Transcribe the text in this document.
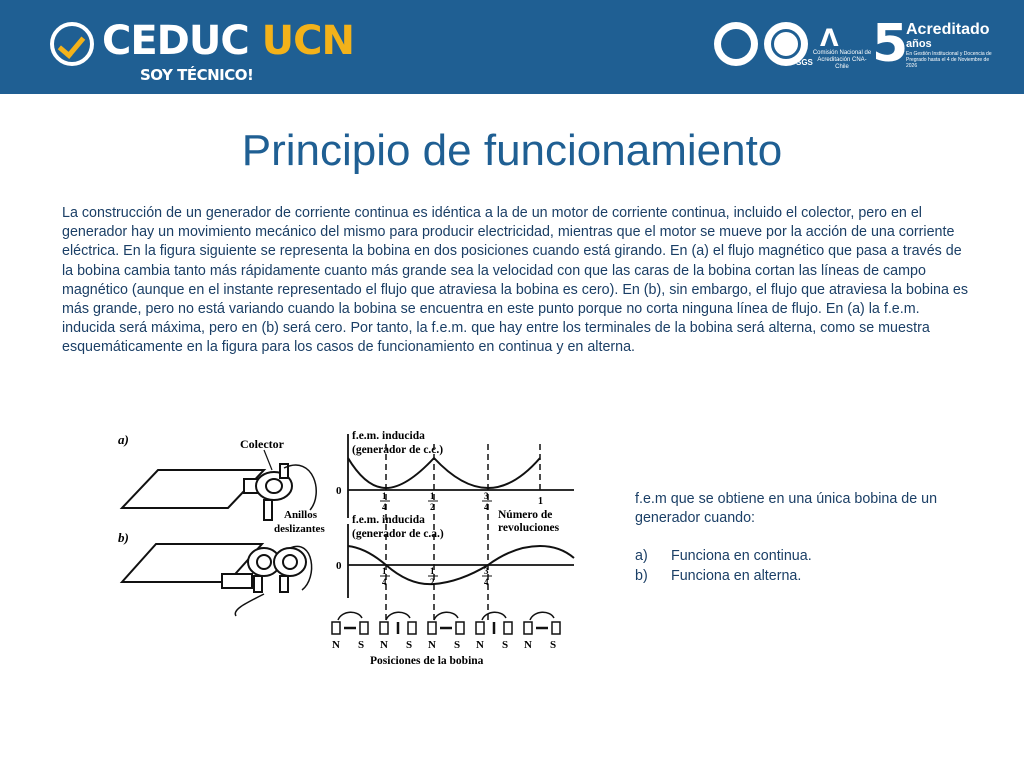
CEDUC UCN
SOY TÉCNICO!
SGS
Λ
Comisión Nacional de Acreditación CNA-Chile 5
Acreditado
años
En Gestión Institucional y Docencia de Pregrado hasta el 4 de Noviembre de 2026
Principio de funcionamiento
La construcción de un generador de corriente continua es idéntica a la de un motor de corriente continua, incluido el colector, pero en el generador hay un movimiento mecánico del mismo para producir electricidad, mientras que el motor se mueve por la acción de una corriente eléctrica. En la figura siguiente se representa la bobina en dos posiciones cuando está girando. En (a) el flujo magnético que pasa a través de la bobina cambia tanto más rápidamente cuanto más grande sea la velocidad con que las caras de la bobina cortan las líneas de campo magnético (aunque en el instante representado el flujo que atraviesa la bobina es cero). En (b), sin embargo, el flujo que atraviesa la bobina es más grande, pero no está variando cuando la bobina se encuentra en este punto porque no corta ninguna línea de flujo. En (a) la f.e.m. inducida será máxima, pero en (b) será cero. Por tanto, la f.e.m. que hay entre los terminales de la bobina será alterna, como se muestra esquemáticamente en la figura para los casos de funcionamiento en continua y en alterna.
a)	Colector
Anillos
deslizantes
b)
f.e.m. inducida
(generador de c.c.)
0	1
4
1
2
3
4	1
Número de
revoluciones
f.e.m. inducida
(generador de c.a.)
0	1
4
1
2
3
4
N S N S N S N S N S
Posiciones de la bobina
f.e.m que se obtiene en una única bobina de un generador cuando:
a) Funciona en continua.
b) Funciona en alterna.
